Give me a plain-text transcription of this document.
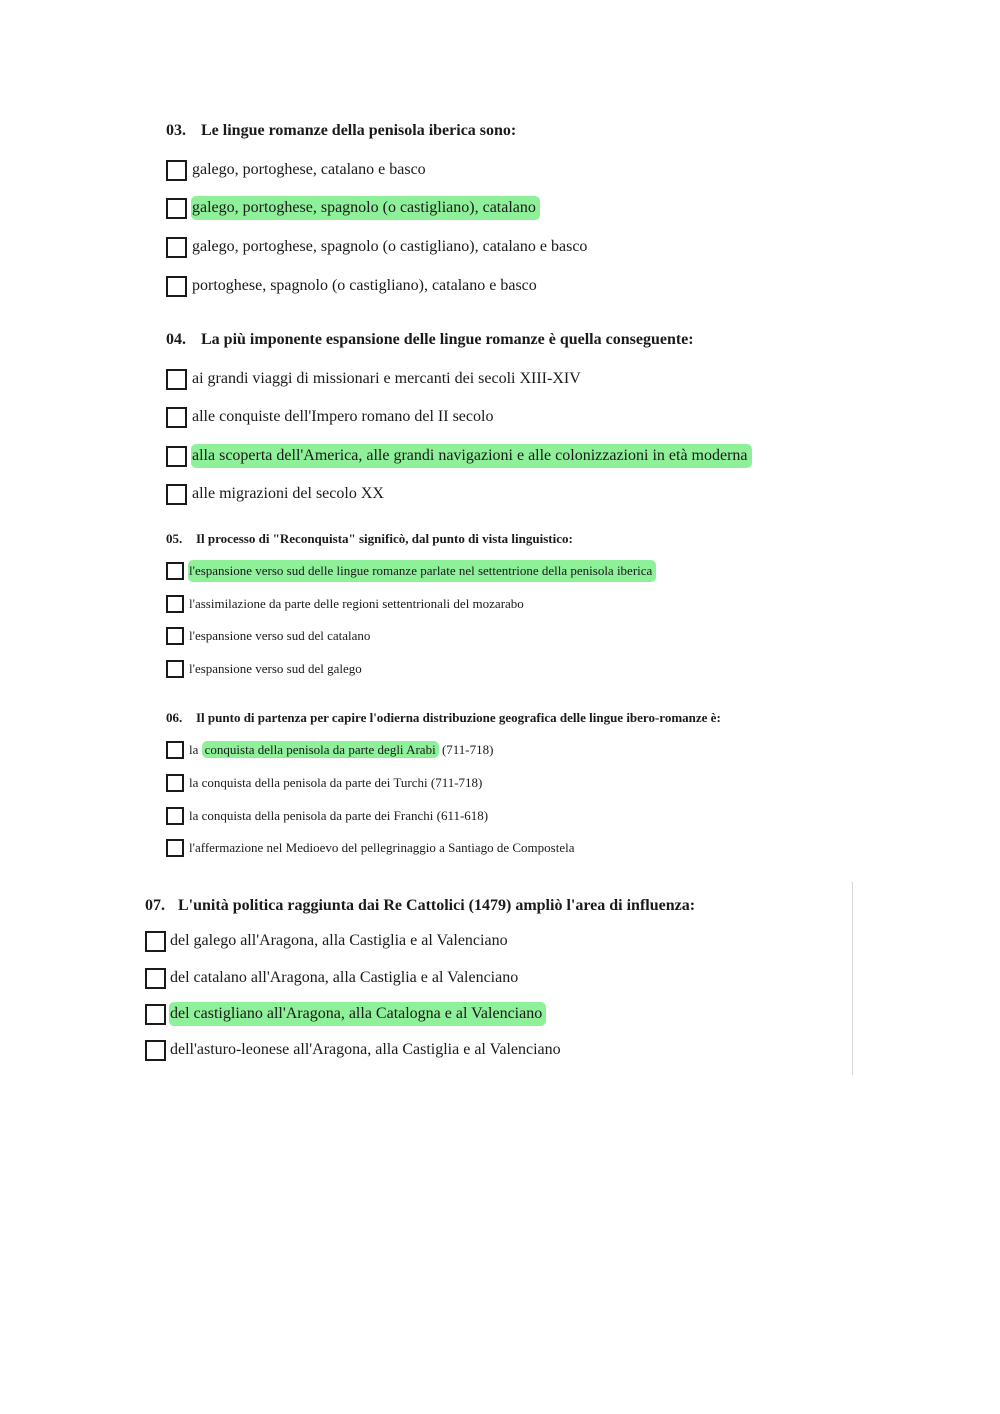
03. Le lingue romanze della penisola iberica sono:

galego, portoghese, catalano e basco
galego, portoghese, spagnolo (o castigliano), catalano
galego, portoghese, spagnolo (o castigliano), catalano e basco
portoghese, spagnolo (o castigliano), catalano e basco

04. La più imponente espansione delle lingue romanze è quella conseguente:

ai grandi viaggi di missionari e mercanti dei secoli XIII-XIV
alle conquiste dell'Impero romano del II secolo
alla scoperta dell'America, alle grandi navigazioni e alle colonizzazioni in età moderna
alle migrazioni del secolo XX

05. Il processo di "Reconquista" significò, dal punto di vista linguistico:

l'espansione verso sud delle lingue romanze parlate nel settentrione della penisola iberica
l'assimilazione da parte delle regioni settentrionali del mozarabo
l'espansione verso sud del catalano
l'espansione verso sud del galego

06. Il punto di partenza per capire l'odierna distribuzione geografica delle lingue ibero-romanze è:

la conquista della penisola da parte degli Arabi (711-718)
la conquista della penisola da parte dei Turchi (711-718)
la conquista della penisola da parte dei Franchi (611-618)
l'affermazione nel Medioevo del pellegrinaggio a Santiago de Compostela

07. L'unità politica raggiunta dai Re Cattolici (1479) ampliò l'area di influenza:

del galego all'Aragona, alla Castiglia e al Valenciano
del catalano all'Aragona, alla Castiglia e al Valenciano
del castigliano all'Aragona, alla Catalogna e al Valenciano
dell'asturo-leonese all'Aragona, alla Castiglia e al Valenciano
